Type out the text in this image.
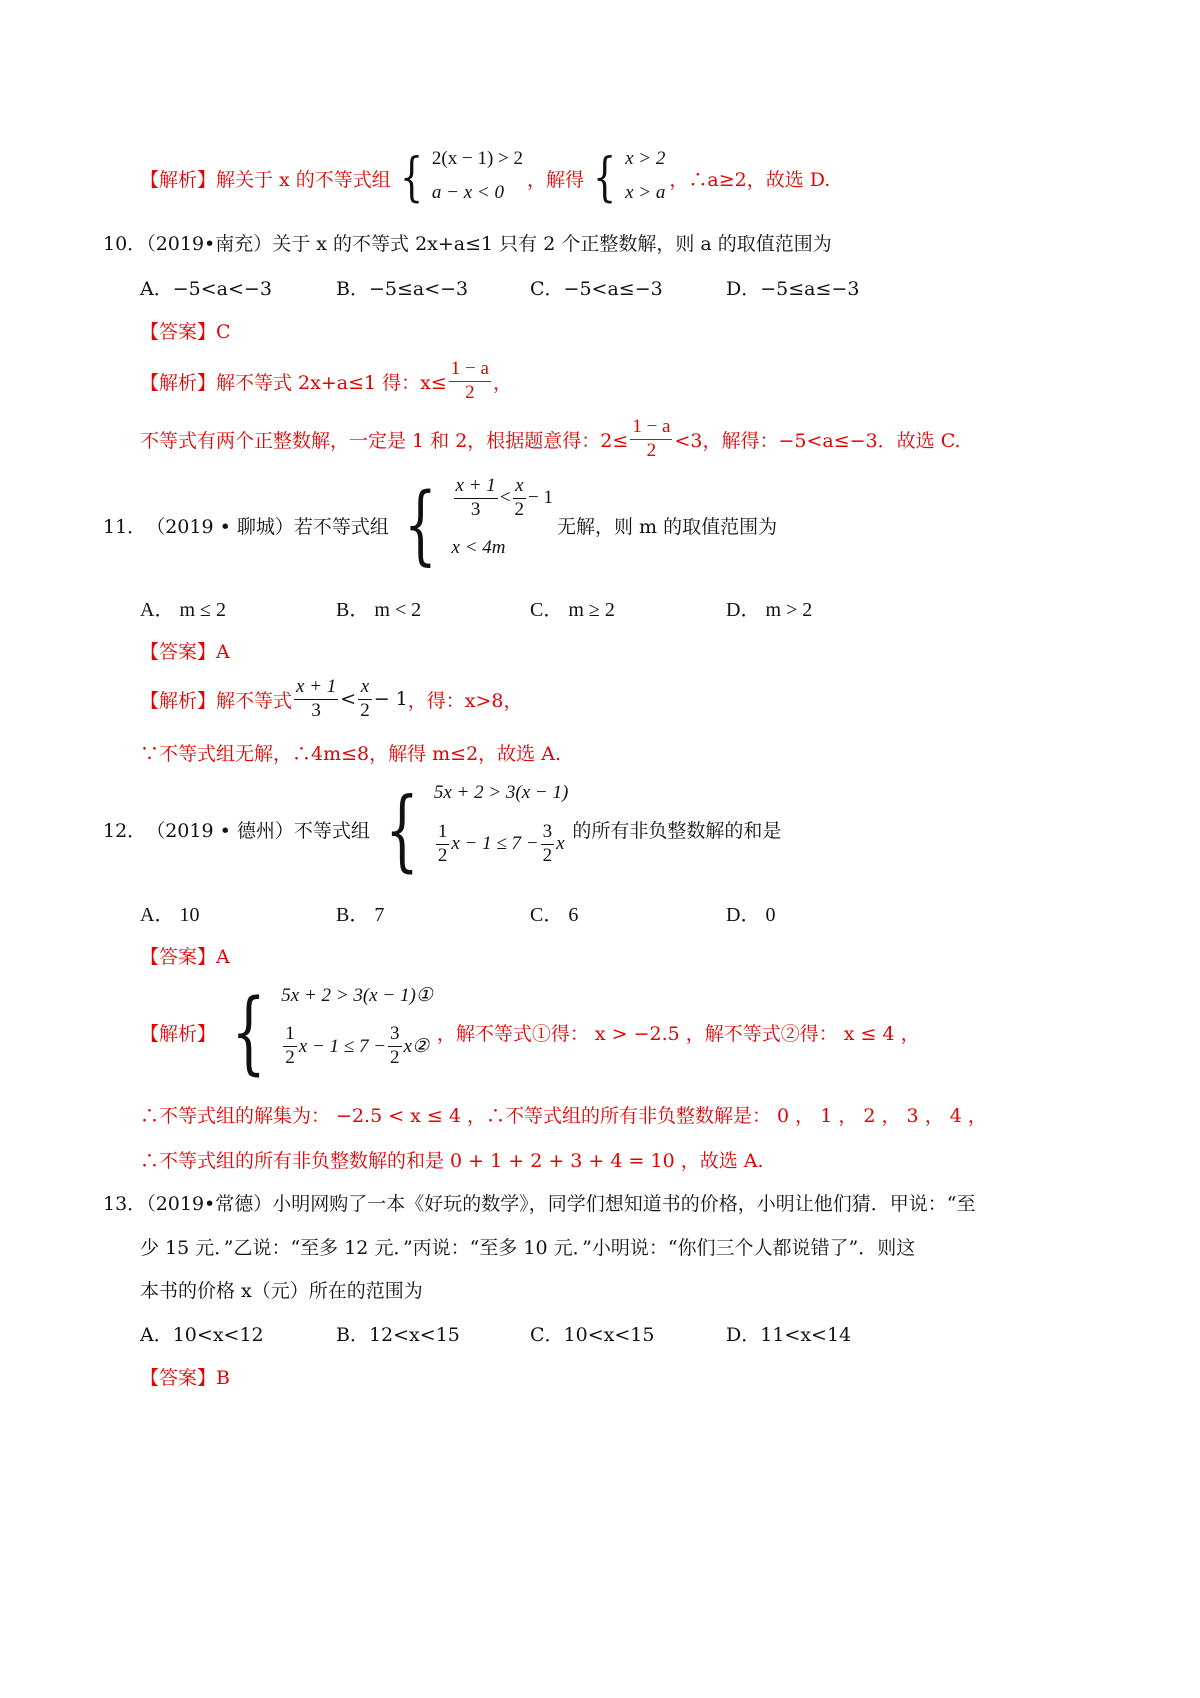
【解析】 解关于 x 的不等式组 { 2(x − 1) > 2
a − x < 0
，解得 { x > 2
x > a
，∴a≥2，故选 D.
10．（2019•南充）关于 x 的不等式 2x+a≤1 只有 2 个正整数解，则 a 的取值范围为
A．−5<a<−3	B．−5≤a<−3	C．−5<a≤−3	D．−5≤a≤−3
【答案】C
【解析】 解不等式 2x+a≤1 得：$x\le \frac{1 - a}{2}$ ，
不等式有两个正整数解，一定是 1 和 2，根据题意得：$2\le \frac{1 - a}{2} <3$，解得：−5<a≤−3．故选 C.
11． （2019 • 聊城）若不等式组 { $\frac{x + 1}{3} < \frac{x}{2} - 1$
x < 4m
无解，则 m 的取值范围为
A． m ≤ 2	B． m < 2	C． m ≥ 2	D． m > 2
【答案】A
【解析】 解不等式 $\frac{x + 1}{3} < \frac{x}{2} - 1$ ，得：x>8，
∵不等式组无解，∴4m≤8，解得 m≤2，故选 A.
12． （2019 • 德州）不等式组 { 5x + 2 > 3(x − 1)
$\frac{1}{2}$ $x - 1 \le 7 - \frac{3}{2}$ x
的所有非负整数解的和是
A． 10	B． 7	C． 6	D． 0
【答案】A
【解析】 { 5x + 2 > 3(x − 1)①
$\frac{1}{2}$ $x - 1 \le 7 - \frac{3}{2}$ x②
，解不等式①得： x > −2.5 ，解不等式②得： x ≤ 4 ，
∴不等式组的解集为： −2.5 < x ≤ 4 ，∴不等式组的所有非负整数解是： 0 ， 1 ， 2 ， 3 ， 4 ，
∴不等式组的所有非负整数解的和是 0 + 1 + 2 + 3 + 4 = 10 ，故选 A.
13．（2019•常德）小明网购了一本《好玩的数学》，同学们想知道书的价格，小明让他们猜．甲说：“至
少 15 元．”乙说：“至多 12 元．”丙说：“至多 10 元．”小明说：“你们三个人都说错了”．则这
本书的价格 x（元）所在的范围为
A．10<x<12	B．12<x<15	C．10<x<15	D．11<x<14
【答案】B
